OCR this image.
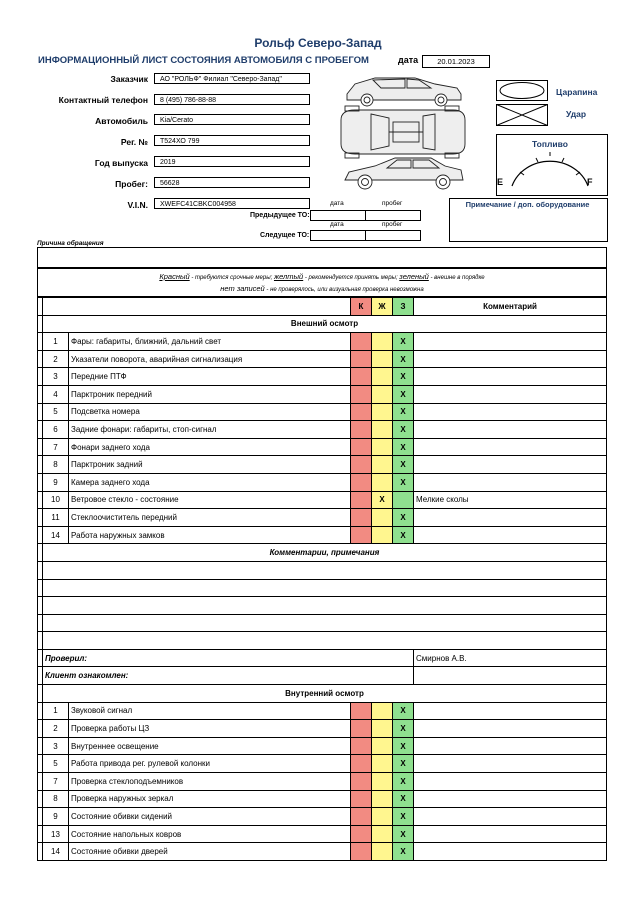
Рольф Северо-Запад
ИНФОРМАЦИОННЫЙ ЛИСТ СОСТОЯНИЯ АВТОМОБИЛЯ С ПРОБЕГОМ	дата	20.01.2023
Заказчик	АО "РОЛЬФ" Филиал "Северо-Запад"
Контактный телефон	8 (495) 786-88-88
Автомобиль	Kia/Cerato
Рег. №	Т524ХО 799
Год выпуска	2019
Пробег:	56628
V.I.N.	XWEFC41CBKC004958	дата	пробег
Предыдущее ТО:
дата	пробег
Следущее ТО:
Царапина
Удар
Топливо
E	F
Примечание / доп. оборудование
Причина обращения
Красный - требуются срочные меры; желтый - рекомендуется принять меры; зеленый - внешне в порядке
нет записей - не проверялось, или визуальная проверка невозможна
			К	Ж	З	Комментарий
	Внешний осмотр					
	1	Фары: габариты, ближний, дальний свет			X	
	2	Указатели поворота, аварийная сигнализация			X	
	3	Передние ПТФ			X	
	4	Парктроник передний			X	
	5	Подсветка номера			X	
	6	Задние фонари: габариты, стоп-сигнал			X	
	7	Фонари заднего хода			X	
	8	Парктроник задний			X	
	9	Камера заднего хода			X	
	10	Ветровое стекло - состояние		X		Мелкие сколы
	11	Стеклоочиститель передний			X	
	14	Работа наружных замков			X	
	Комментарии, примечания					

	Проверил:					Смирнов А.В.
	Клиент ознакомлен:					
	Внутренний осмотр					
	1	Звуковой сигнал			X	
	2	Проверка работы ЦЗ			X	
	3	Внутреннее освещение			X	
	5	Работа привода рег. рулевой колонки			X	
	7	Проверка стеклоподъемников			X	
	8	Проверка наружных зеркал			X	
	9	Состояние обивки сидений			X	
	13	Состояние напольных ковров			X	
	14	Состояние обивки дверей			X	
